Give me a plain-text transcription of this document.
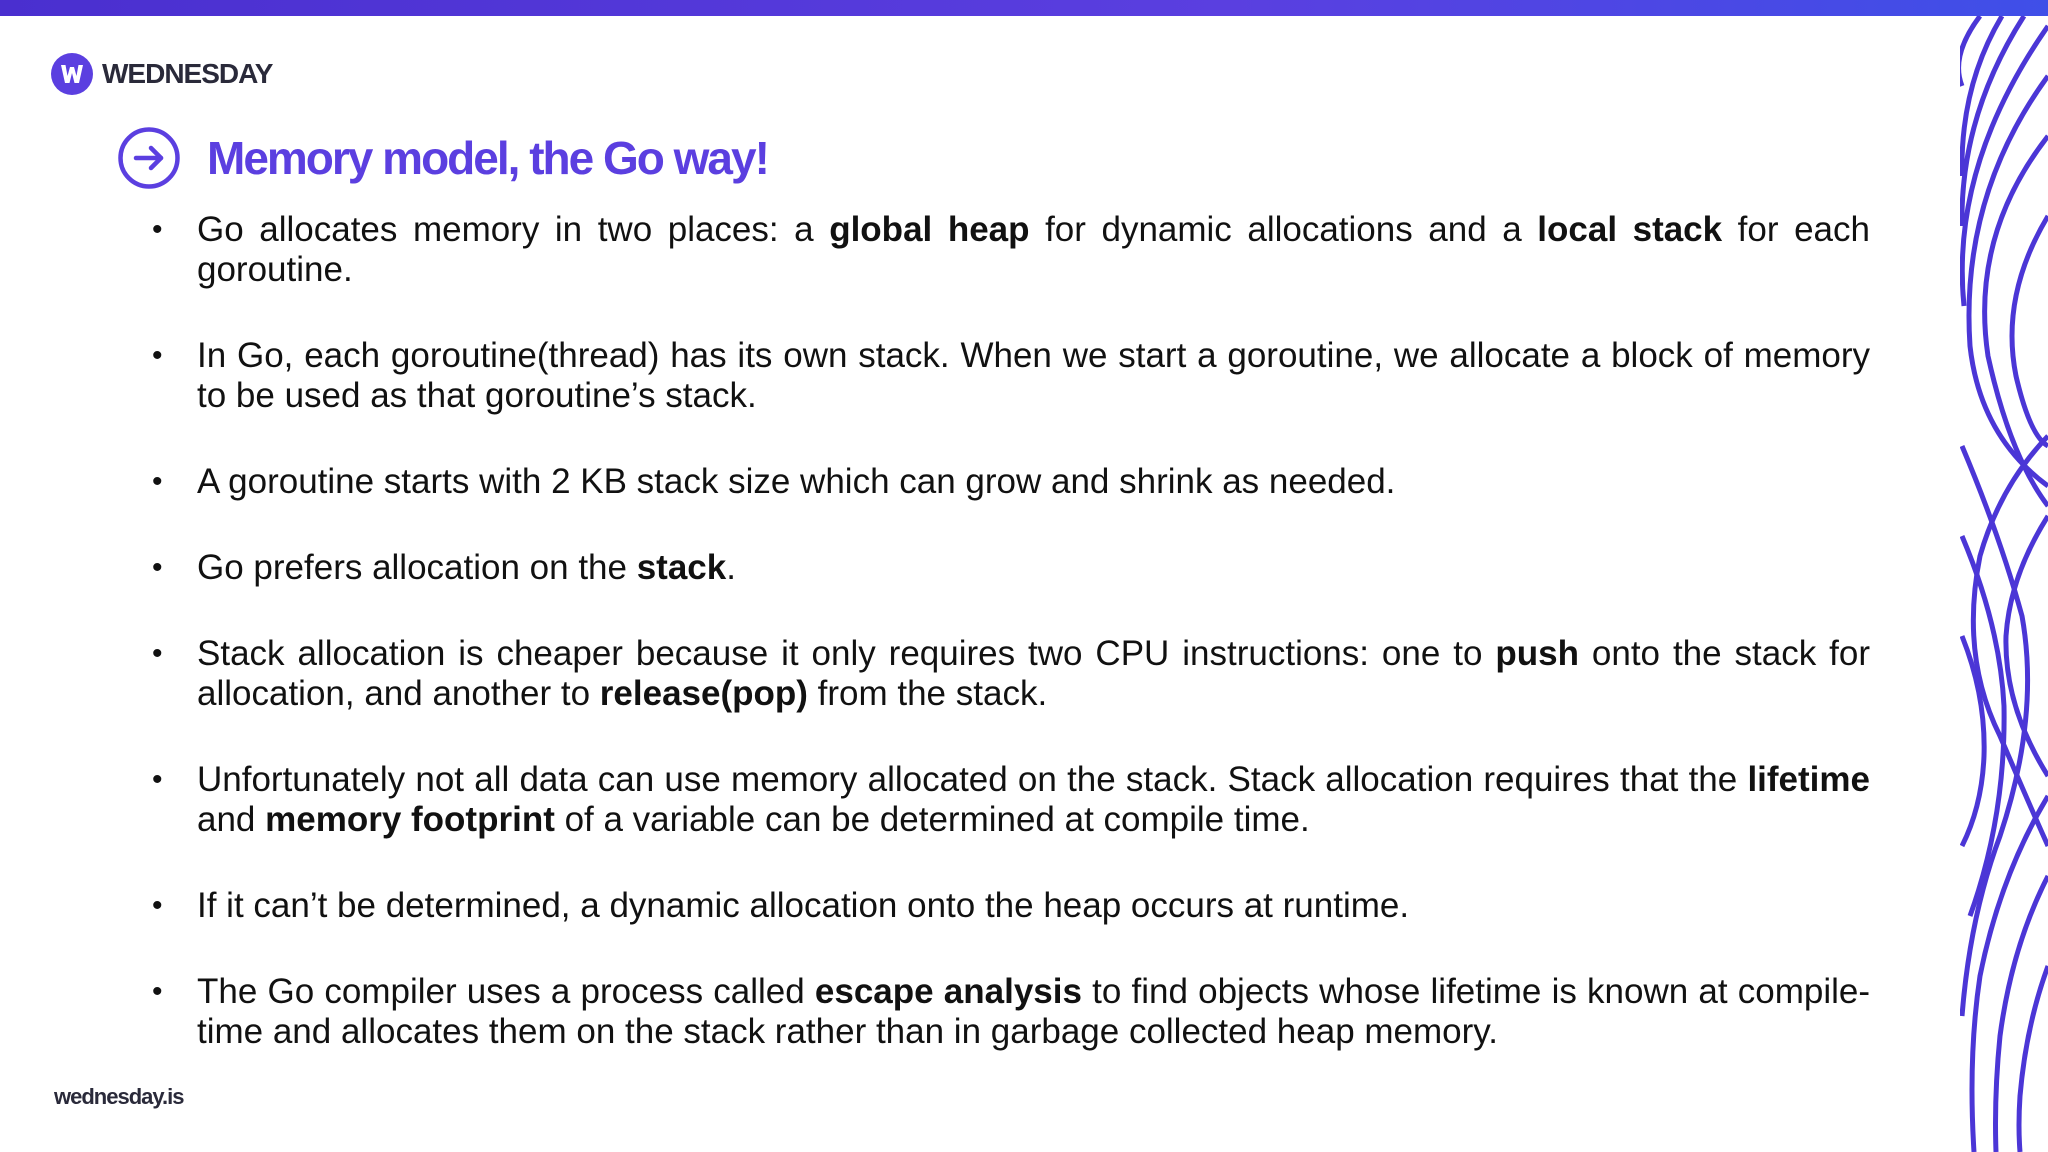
WEDNESDAY
Memory model, the Go way!
• Go allocates memory in two places: a global heap for dynamic allocations and a local stack for each goroutine.
• In Go, each goroutine(thread) has its own stack. When we start a goroutine, we allocate a block of memory to be used as that goroutine’s stack.
• A goroutine starts with 2 KB stack size which can grow and shrink as needed.
• Go prefers allocation on the stack.
• Stack allocation is cheaper because it only requires two CPU instructions: one to push onto the stack for allocation, and another to release(pop) from the stack.
• Unfortunately not all data can use memory allocated on the stack. Stack allocation requires that the lifetime and memory footprint of a variable can be determined at compile time.
• If it can’t be determined, a dynamic allocation onto the heap occurs at runtime.
• The Go compiler uses a process called escape analysis to find objects whose lifetime is known at compile-time and allocates them on the stack rather than in garbage collected heap memory.
wednesday.is
